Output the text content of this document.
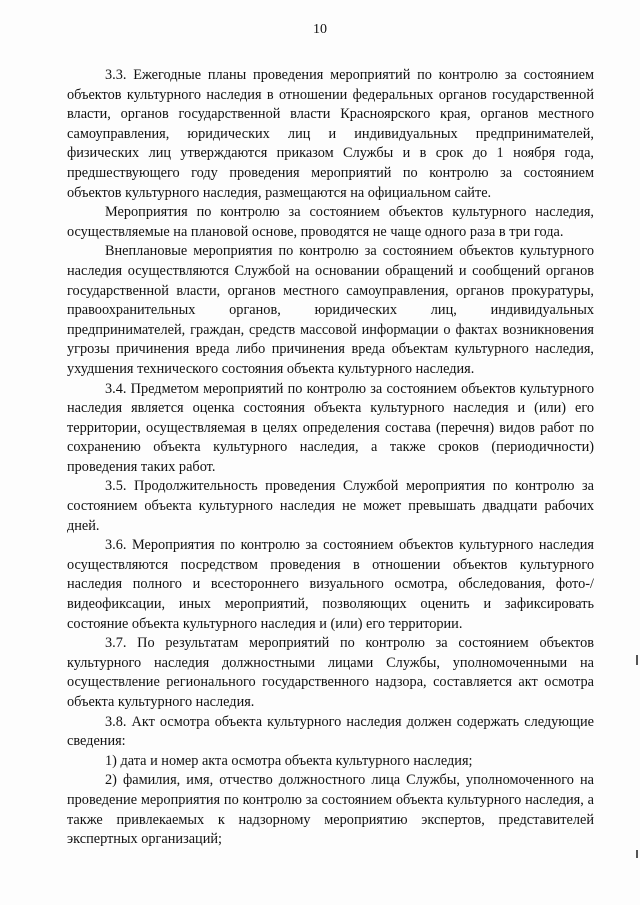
10

3.3. Ежегодные планы проведения мероприятий по контролю за состоянием объектов культурного наследия в отношении федеральных органов государственной власти, органов государственной власти Красноярского края, органов местного самоуправления, юридических лиц и индивидуальных предпринимателей, физических лиц утверждаются приказом Службы и в срок до 1 ноября года, предшествующего году проведения мероприятий по контролю за состоянием объектов культурного наследия, размещаются на официальном сайте.

Мероприятия по контролю за состоянием объектов культурного наследия, осуществляемые на плановой основе, проводятся не чаще одного раза в три года.

Внеплановые мероприятия по контролю за состоянием объектов культурного наследия осуществляются Службой на основании обращений и сообщений органов государственной власти, органов местного самоуправления, органов прокуратуры, правоохранительных органов, юридических лиц, индивидуальных предпринимателей, граждан, средств массовой информации о фактах возникновения угрозы причинения вреда либо причинения вреда объектам культурного наследия, ухудшения технического состояния объекта культурного наследия.

3.4. Предметом мероприятий по контролю за состоянием объектов культурного наследия является оценка состояния объекта культурного наследия и (или) его территории, осуществляемая в целях определения состава (перечня) видов работ по сохранению объекта культурного наследия, а также сроков (периодичности) проведения таких работ.

3.5. Продолжительность проведения Службой мероприятия по контролю за состоянием объекта культурного наследия не может превышать двадцати рабочих дней.

3.6. Мероприятия по контролю за состоянием объектов культурного наследия осуществляются посредством проведения в отношении объектов культурного наследия полного и всестороннего визуального осмотра, обследования, фото-/видеофиксации, иных мероприятий, позволяющих оценить и зафиксировать состояние объекта культурного наследия и (или) его территории.

3.7. По результатам мероприятий по контролю за состоянием объектов культурного наследия должностными лицами Службы, уполномоченными на осуществление регионального государственного надзора, составляется акт осмотра объекта культурного наследия.

3.8. Акт осмотра объекта культурного наследия должен содержать следующие сведения:

1) дата и номер акта осмотра объекта культурного наследия;

2) фамилия, имя, отчество должностного лица Службы, уполномоченного на проведение мероприятия по контролю за состоянием объекта культурного наследия, а также привлекаемых к надзорному мероприятию экспертов, представителей экспертных организаций;
